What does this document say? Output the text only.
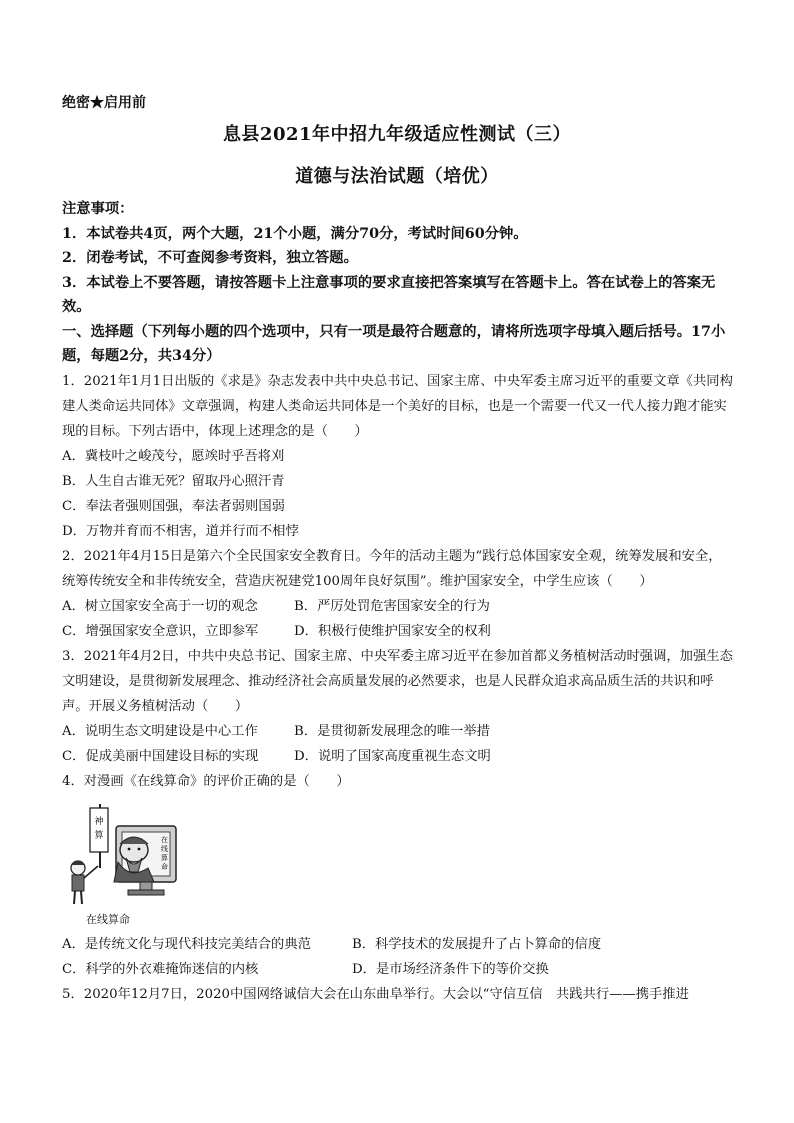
绝密★启用前
息县2021年中招九年级适应性测试（三）
道德与法治试题（培优）
注意事项：
1．本试卷共4页，两个大题，21个小题，满分70分，考试时间60分钟。
2．闭卷考试，不可查阅参考资料，独立答题。
3．本试卷上不要答题，请按答题卡上注意事项的要求直接把答案填写在答题卡上。答在试卷上的答案无效。
一、选择题（下列每小题的四个选项中，只有一项是最符合题意的，请将所选项字母填入题后括号。17小题，每题2分，共34分）
1．2021年1月1日出版的《求是》杂志发表中共中央总书记、国家主席、中央军委主席习近平的重要文章《共同构建人类命运共同体》文章强调，构建人类命运共同体是一个美好的目标，也是一个需要一代又一代人接力跑才能实现的目标。下列古语中，体现上述理念的是（　　）
A．冀枝叶之峻茂兮，愿竢时乎吾将刈
B．人生自古谁无死？留取丹心照汗青
C．奉法者强则国强，奉法者弱则国弱
D．万物并育而不相害，道并行而不相悖
2．2021年4月15日是第六个全民国家安全教育日。今年的活动主题为“践行总体国家安全观，统筹发展和安全，统筹传统安全和非传统安全，营造庆祝建党100周年良好氛围”。维护国家安全，中学生应该（　　）
A．树立国家安全高于一切的观念	B．严厉处罚危害国家安全的行为
C．增强国家安全意识，立即参军	D．积极行使维护国家安全的权利
3．2021年4月2日，中共中央总书记、国家主席、中央军委主席习近平在参加首都义务植树活动时强调，加强生态文明建设，是贯彻新发展理念、推动经济社会高质量发展的必然要求，也是人民群众追求高品质生活的共识和呼声。开展义务植树活动（　　）
A．说明生态文明建设是中心工作	B．是贯彻新发展理念的唯一举措
C．促成美丽中国建设目标的实现	D．说明了国家高度重视生态文明
4．对漫画《在线算命》的评价正确的是（　　）
在线算命
神算
在线算命
A．是传统文化与现代科技完美结合的典范	B．科学技术的发展提升了占卜算命的信度
C．科学的外衣难掩饰迷信的内核	D．是市场经济条件下的等价交换
5．2020年12月7日，2020中国网络诚信大会在山东曲阜举行。大会以“守信互信　共践共行——携手推进
